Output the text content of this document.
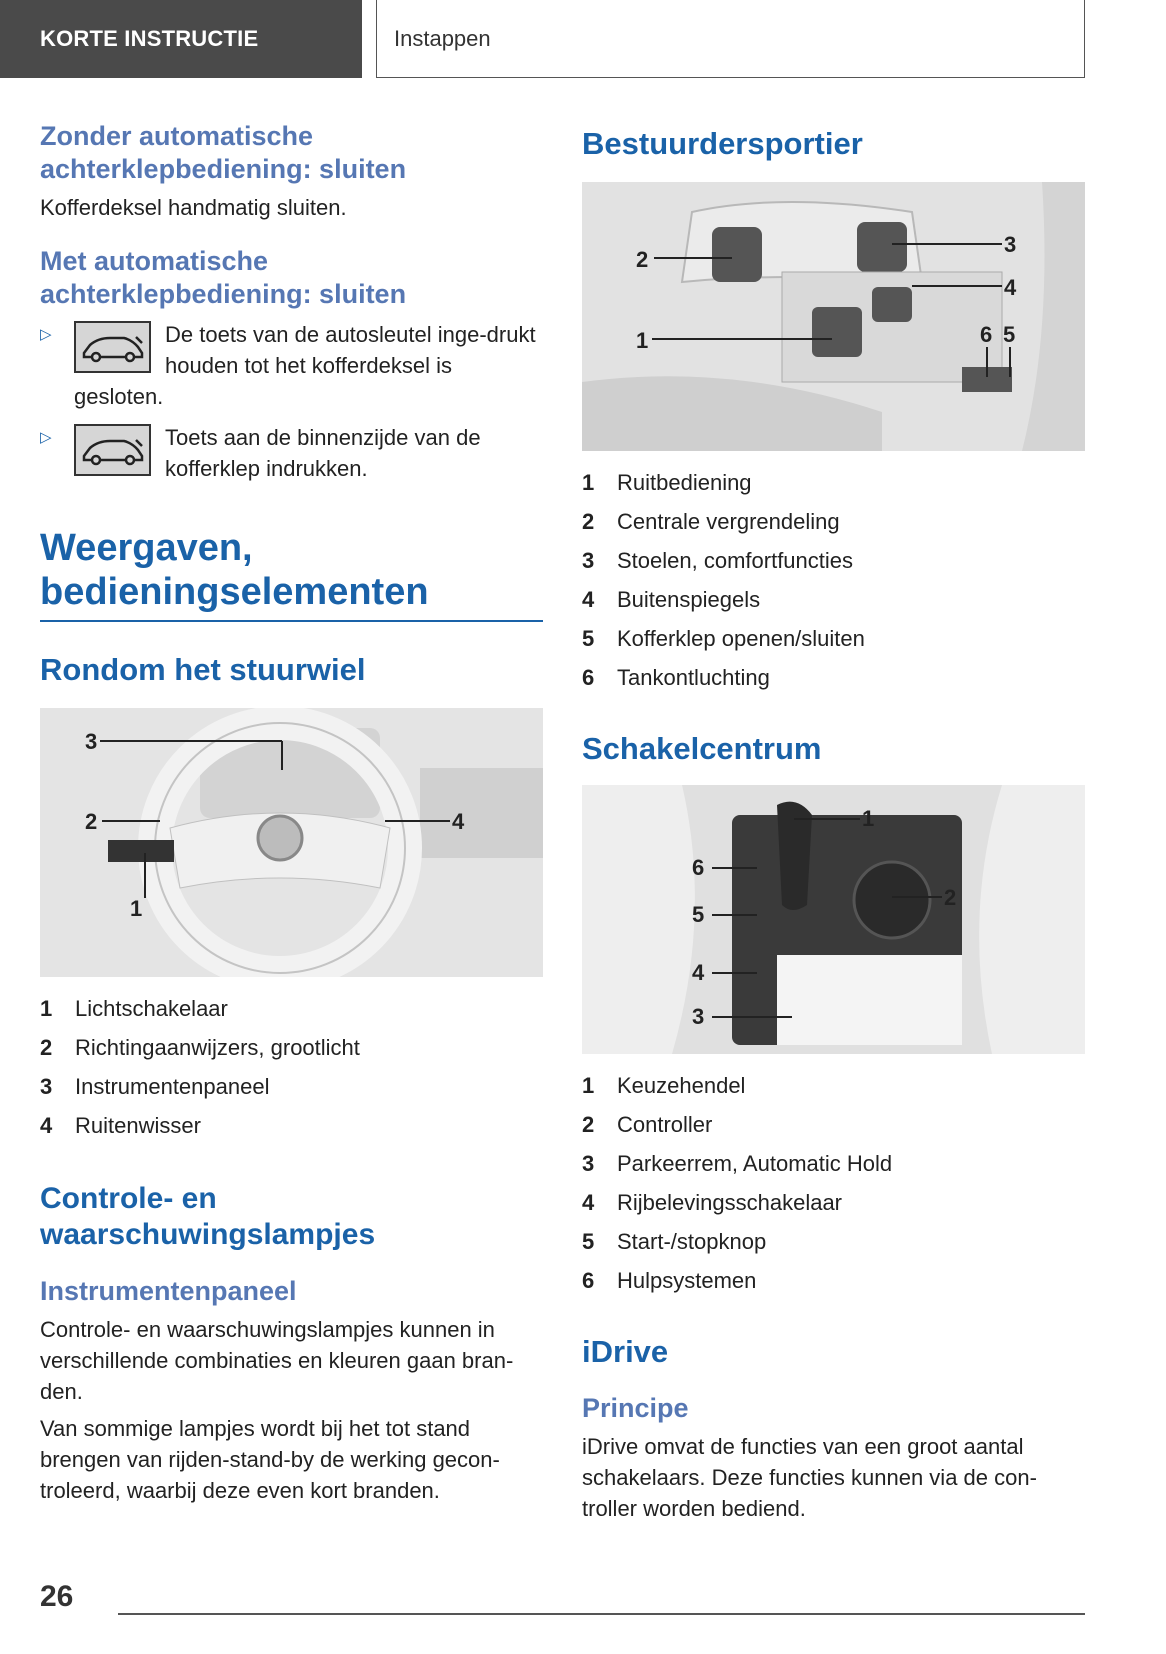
KORTE INSTRUCTIE	Instappen
Zonder automatische achterklepbediening: sluiten

Kofferdeksel handmatig sluiten.

Met automatische achterklepbediening: sluiten
▷	De toets van de autosleutel inge-drukt houden tot het kofferdeksel is gesloten.
▷	Toets aan de binnenzijde van de kofferklep indrukken.
Weergaven, bedieningselementen
Rondom het stuurwiel
1
2
3
4
1	Lichtschakelaar
2	Richtingaanwijzers, grootlicht
3	Instrumentenpaneel
4	Ruitenwisser
Controle- en waarschuwingslampjes
Instrumentenpaneel

Controle- en waarschuwingslampjes kunnen in verschillende combinaties en kleuren gaan bran-den.

Van sommige lampjes wordt bij het tot stand brengen van rijden-stand-by de werking gecon-troleerd, waarbij deze even kort branden.

Bestuurdersportier
1
2
3
4
5
6
1	Ruitbediening
2	Centrale vergrendeling
3	Stoelen, comfortfuncties
4	Buitenspiegels
5	Kofferklep openen/sluiten
6	Tankontluchting
Schakelcentrum
1
2
3
4
5
6
1	Keuzehendel
2	Controller
3	Parkeerrem, Automatic Hold
4	Rijbelevingsschakelaar
5	Start-/stopknop
6	Hulpsystemen
iDrive
Principe

iDrive omvat de functies van een groot aantal schakelaars. Deze functies kunnen via de con-troller worden bediend.

26
